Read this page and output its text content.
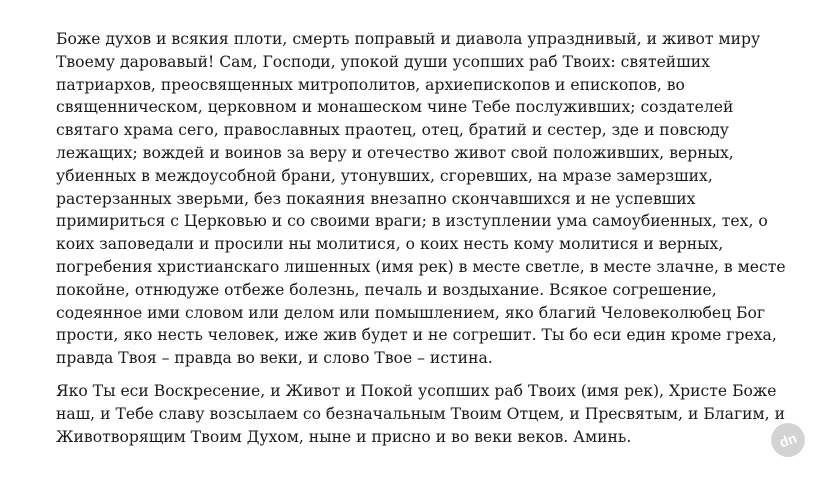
Боже духов и всякия плоти, смерть поправый и диавола упразднивый, и живот миру
Твоему даровавый! Сам, Господи, упокой души усопших раб Твоих: святейших
патриархов, преосвященных митрополитов, архиепископов и епископов, во
священническом, церковном и монашеском чине Тебе послуживших; создателей
святаго храма сего, православных праотец, отец, братий и сестер, зде и повсюду
лежащих; вождей и воинов за веру и отечество живот свой положивших, верных,
убиенных в междоусобной брани, утонувших, сгоревших, на мразе замерзших,
растерзанных зверьми, без покаяния внезапно скончавшихся и не успевших
примириться с Церковью и со своими враги; в изступлении ума самоубиенных, тех, о
коих заповедали и просили ны молитися, о коих несть кому молитися и верных,
погребения христианскаго лишенных (имя рек) в месте светле, в месте злачне, в месте
покойне, отнюдуже отбеже болезнь, печаль и воздыхание. Всякое согрешение,
содеянное ими словом или делом или помышлением, яко благий Человеколюбец Бог
прости, яко несть человек, иже жив будет и не согрешит. Ты бо еси един кроме греха,
правда Твоя – правда во веки, и слово Твое – истина.
Яко Ты еси Воскресение, и Живот и Покой усопших раб Твоих (имя рек), Христе Боже
наш, и Тебе славу возсылаем со безначальным Твоим Отцем, и Пресвятым, и Благим, и
Животворящим Твоим Духом, ныне и присно и во веки веков. Аминь.	dn
